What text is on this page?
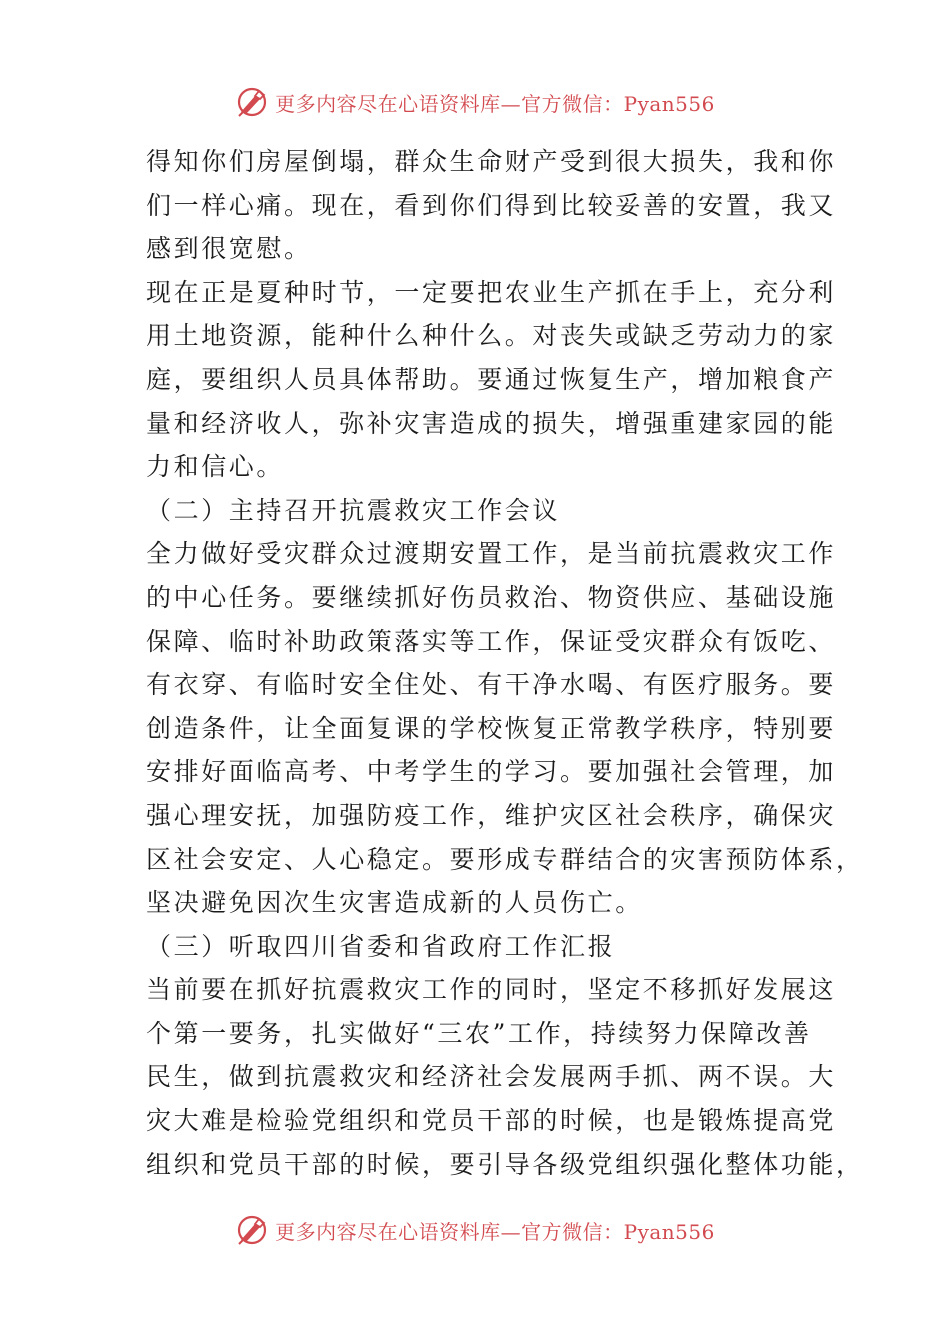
更多内容尽在心语资料库—官方微信：Pyan556
得知你们房屋倒塌，群众生命财产受到很大损失，我和你
们一样心痛。现在，看到你们得到比较妥善的安置，我又
感到很宽慰。
现在正是夏种时节，一定要把农业生产抓在手上，充分利
用土地资源，能种什么种什么。对丧失或缺乏劳动力的家
庭，要组织人员具体帮助。要通过恢复生产，增加粮食产
量和经济收人，弥补灾害造成的损失，增强重建家园的能
力和信心。
（二）主持召开抗震救灾工作会议
全力做好受灾群众过渡期安置工作，是当前抗震救灾工作
的中心任务。要继续抓好伤员救治、物资供应、基础设施
保障、临时补助政策落实等工作，保证受灾群众有饭吃、
有衣穿、有临时安全住处、有干净水喝、有医疗服务。要
创造条件，让全面复课的学校恢复正常教学秩序，特别要
安排好面临高考、中考学生的学习。要加强社会管理，加
强心理安抚，加强防疫工作，维护灾区社会秩序，确保灾
区社会安定、人心稳定。要形成专群结合的灾害预防体系，
坚决避免因次生灾害造成新的人员伤亡。
（三）听取四川省委和省政府工作汇报
当前要在抓好抗震救灾工作的同时，坚定不移抓好发展这
个第一要务，扎实做好“三农”工作，持续努力保障改善
民生，做到抗震救灾和经济社会发展两手抓、两不误。大
灾大难是检验党组织和党员干部的时候，也是锻炼提高党
组织和党员干部的时候，要引导各级党组织强化整体功能，
更多内容尽在心语资料库—官方微信：Pyan556
